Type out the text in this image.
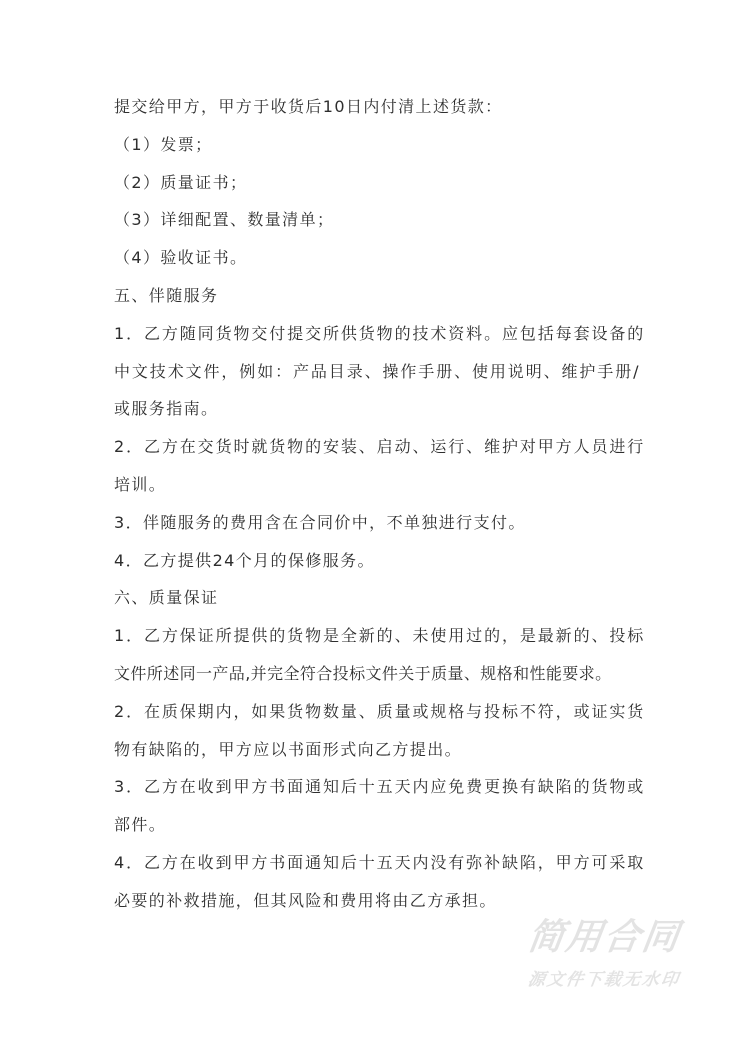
提交给甲方，甲方于收货后10日内付清上述货款：
（1）发票；
（2）质量证书；
（3）详细配置、数量清单；
（4）验收证书。
五、伴随服务
1．乙方随同货物交付提交所供货物的技术资料。应包括每套设备的
中文技术文件，例如：产品目录、操作手册、使用说明、维护手册/
或服务指南。
2．乙方在交货时就货物的安装、启动、运行、维护对甲方人员进行
培训。
3．伴随服务的费用含在合同价中，不单独进行支付。
4．乙方提供24个月的保修服务。
六、质量保证
1．乙方保证所提供的货物是全新的、未使用过的，是最新的、投标
文件所述同一产品,并完全符合投标文件关于质量、规格和性能要求。
2．在质保期内，如果货物数量、质量或规格与投标不符，或证实货
物有缺陷的，甲方应以书面形式向乙方提出。
3．乙方在收到甲方书面通知后十五天内应免费更换有缺陷的货物或
部件。
4．乙方在收到甲方书面通知后十五天内没有弥补缺陷，甲方可采取
必要的补救措施，但其风险和费用将由乙方承担。
简用合同
源文件下载无水印
